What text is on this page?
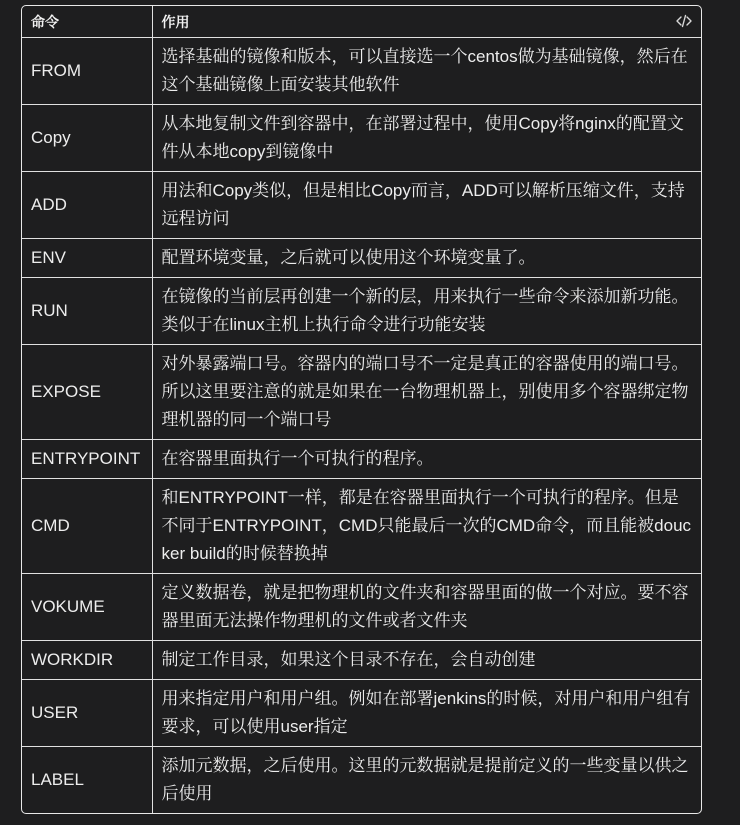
命令	作用

FROM	选择基础的镜像和版本，可以直接选一个centos做为基础镜像，然后在这个基础镜像上面安装其他软件
Copy	从本地复制文件到容器中，在部署过程中，使用Copy将nginx的配置文件从本地copy到镜像中
ADD	用法和Copy类似，但是相比Copy而言，ADD可以解析压缩文件，支持远程访问
ENV	配置环境变量，之后就可以使用这个环境变量了。
RUN	在镜像的当前层再创建一个新的层，用来执行一些命令来添加新功能。类似于在linux主机上执行命令进行功能安装
EXPOSE	对外暴露端口号。容器内的端口号不一定是真正的容器使用的端口号。所以这里要注意的就是如果在一台物理机器上，别使用多个容器绑定物理机器的同一个端口号
ENTRYPOINT	在容器里面执行一个可执行的程序。
CMD	和ENTRYPOINT一样，都是在容器里面执行一个可执行的程序。但是不同于ENTRYPOINT，CMD只能最后一次的CMD命令，而且能被doucker build的时候替换掉
VOKUME	定义数据卷，就是把物理机的文件夹和容器里面的做一个对应。要不容器里面无法操作物理机的文件或者文件夹
WORKDIR	制定工作目录，如果这个目录不存在，会自动创建
USER	用来指定用户和用户组。例如在部署jenkins的时候，对用户和用户组有要求，可以使用user指定
LABEL	添加元数据，之后使用。这里的元数据就是提前定义的一些变量以供之后使用
